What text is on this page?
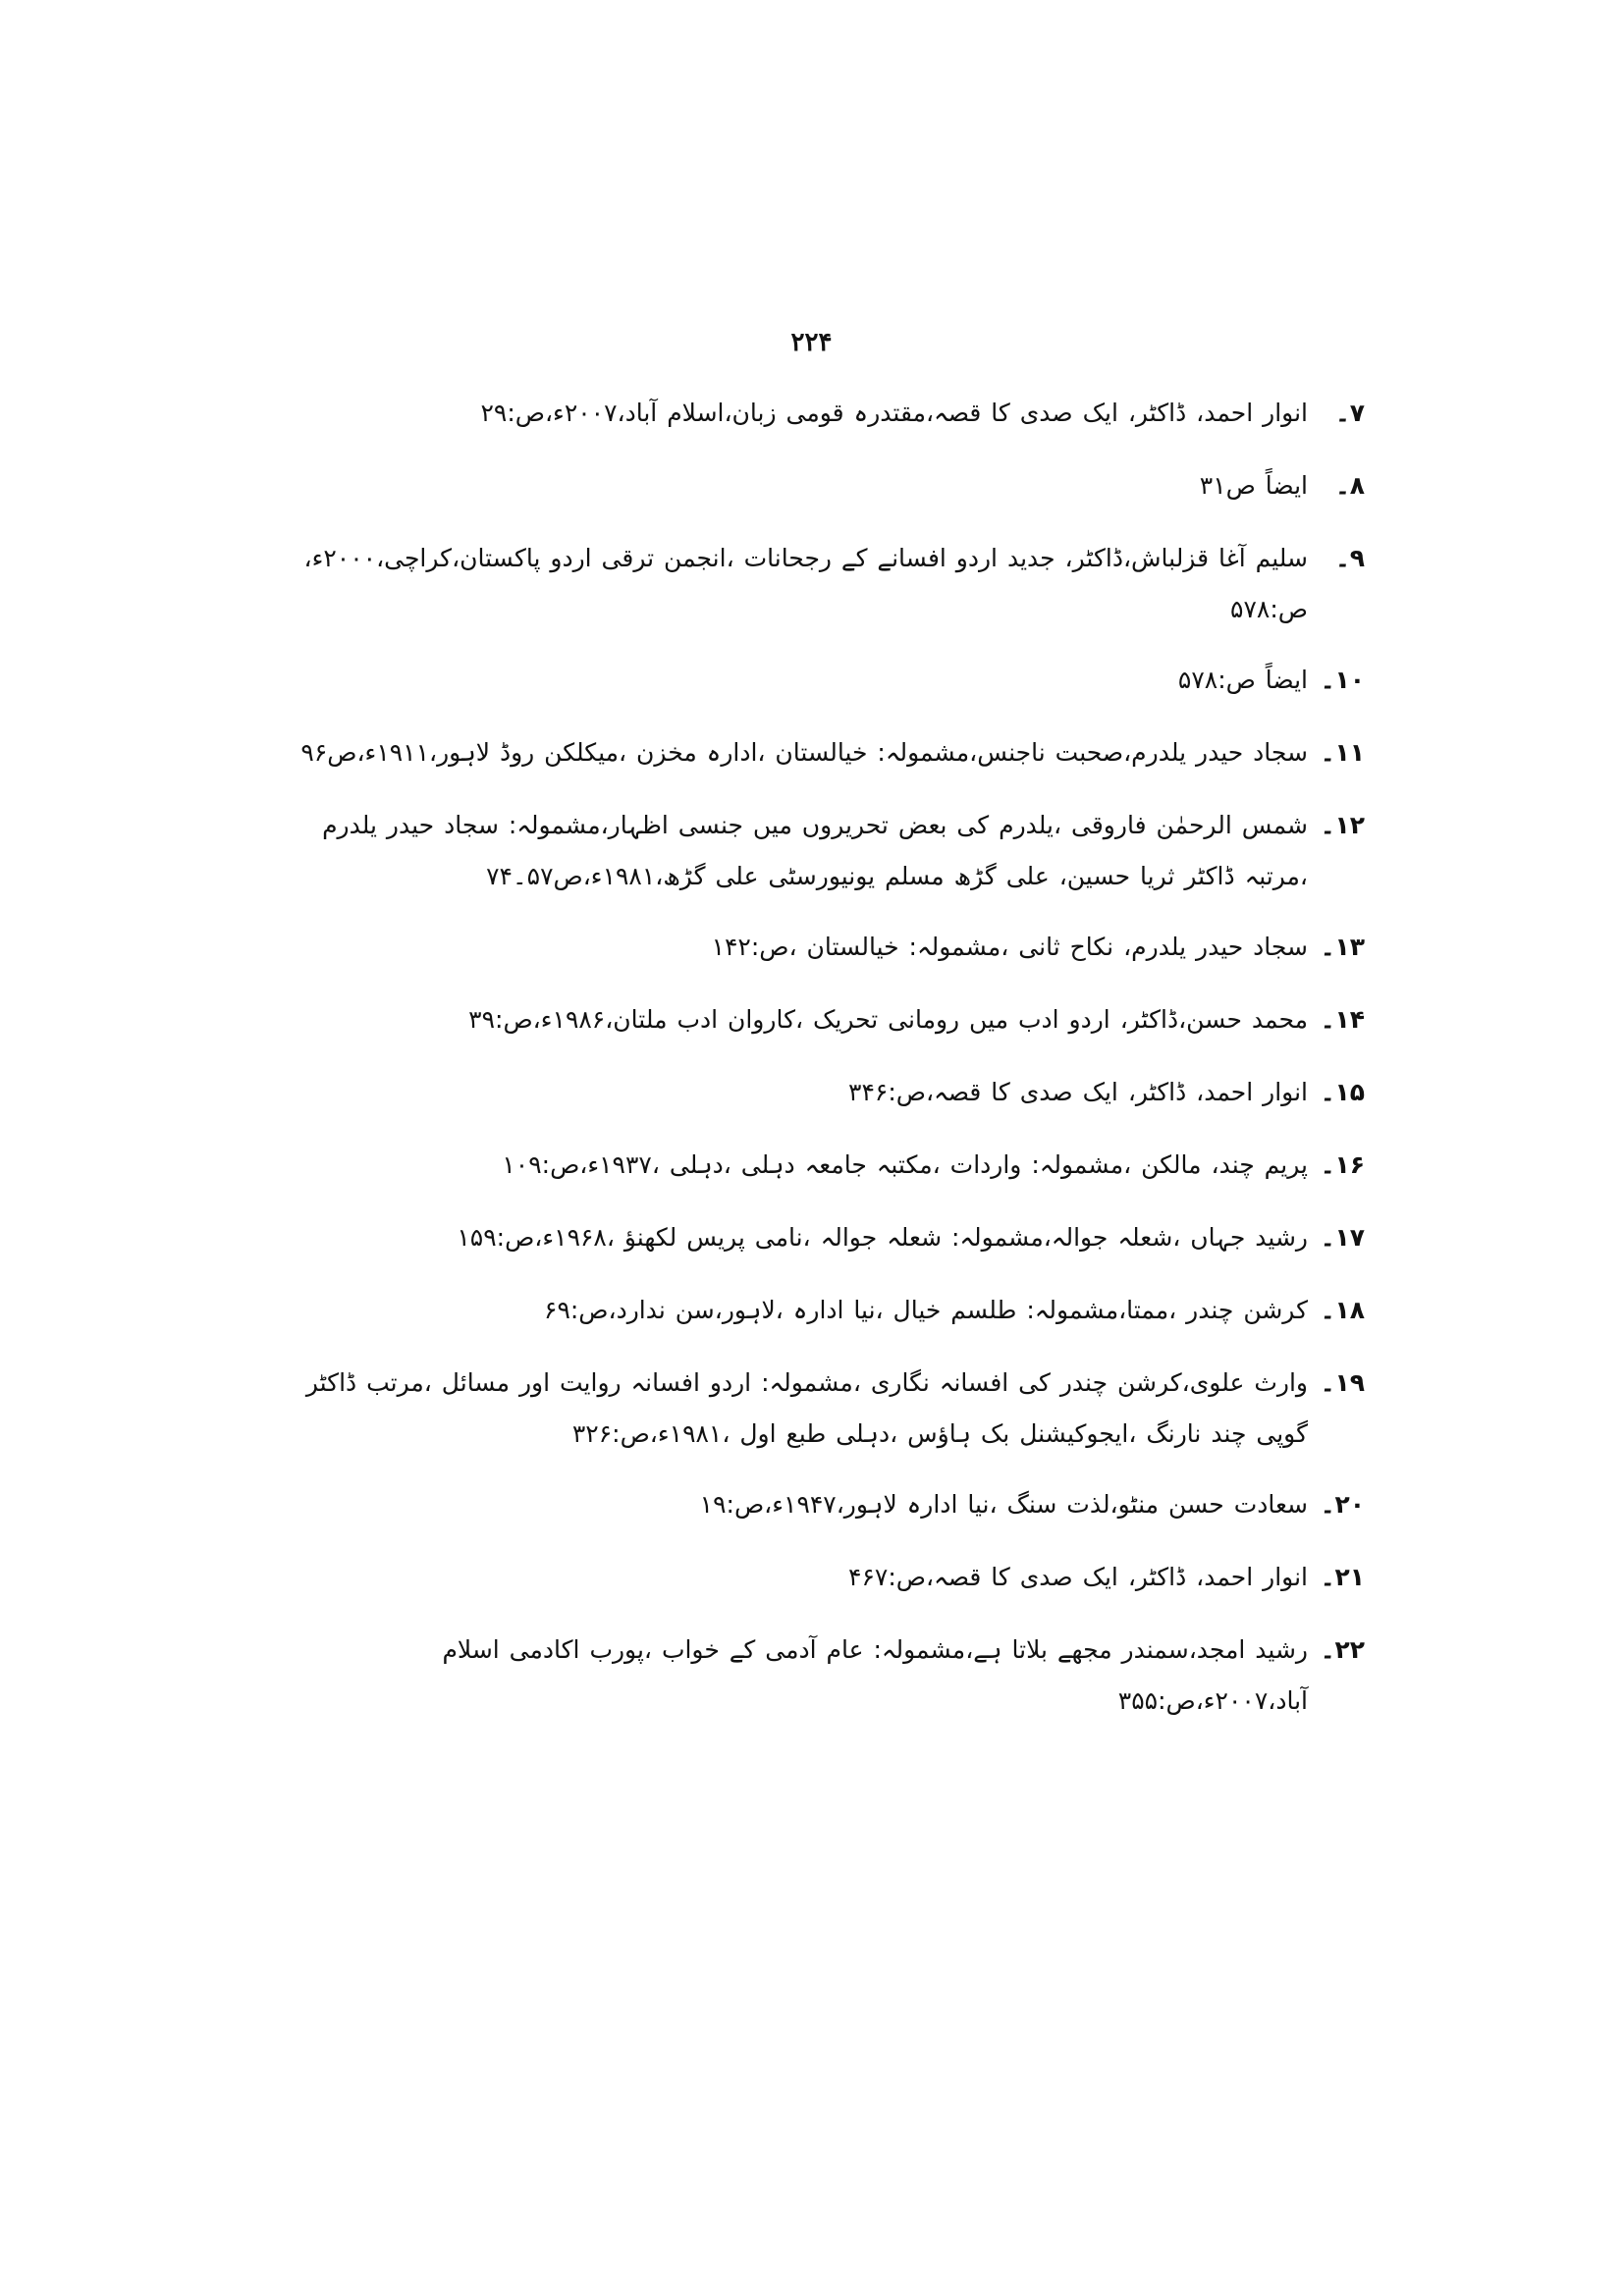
۲۲۴
۷۔
انوار احمد، ڈاکٹر، ایک صدی کا قصہ،مقتدرہ قومی زبان،اسلام آباد،۲۰۰۷ء،ص:۲۹
۸۔
ایضاً ص۳۱
۹۔
سلیم آغا قزلباش،ڈاکٹر، جدید اردو افسانے کے رجحانات ،انجمن ترقی اردو پاکستان،کراچی،۲۰۰۰ء، ص:۵۷۸
۱۰۔
ایضاً ص:۵۷۸
۱۱۔
سجاد حیدر یلدرم،صحبت ناجنس،مشمولہ: خیالستان ،ادارہ مخزن ،میکلکن روڈ لاہور،۱۹۱۱ء،ص۹۶
۱۲۔
شمس الرحمٰن فاروقی ،یلدرم کی بعض تحریروں میں جنسی اظہار،مشمولہ: سجاد حیدر یلدرم ،مرتبہ ڈاکٹر ثریا حسین، علی گڑھ مسلم یونیورسٹی علی گڑھ،۱۹۸۱ء،ص۵۷۔۷۴
۱۳۔
سجاد حیدر یلدرم، نکاح ثانی ،مشمولہ: خیالستان ،ص:۱۴۲
۱۴۔
محمد حسن،ڈاکٹر، اردو ادب میں رومانی تحریک ،کاروان ادب ملتان،۱۹۸۶ء،ص:۳۹
۱۵۔
انوار احمد، ڈاکٹر، ایک صدی کا قصہ،ص:۳۴۶
۱۶۔
پریم چند، مالکن ،مشمولہ: واردات ،مکتبہ جامعہ دہلی ،دہلی ،۱۹۳۷ء،ص:۱۰۹
۱۷۔
رشید جہاں ،شعلہ جوالہ،مشمولہ: شعلہ جوالہ ،نامی پریس لکھنؤ ،۱۹۶۸ء،ص:۱۵۹
۱۸۔
کرشن چندر ،ممتا،مشمولہ: طلسم خیال ،نیا ادارہ ،لاہور،سن ندارد،ص:۶۹
۱۹۔
وارث علوی،کرشن چندر کی افسانہ نگاری ،مشمولہ: اردو افسانہ روایت اور مسائل ،مرتب ڈاکٹر گوپی چند نارنگ ،ایجوکیشنل بک ہاؤس ،دہلی طبع اول ،۱۹۸۱ء،ص:۳۲۶
۲۰۔
سعادت حسن منٹو،لذت سنگ ،نیا ادارہ لاہور،۱۹۴۷ء،ص:۱۹
۲۱۔
انوار احمد، ڈاکٹر، ایک صدی کا قصہ،ص:۴۶۷
۲۲۔
رشید امجد،سمندر مجھے بلاتا ہے،مشمولہ: عام آدمی کے خواب ،پورب اکادمی اسلام آباد،۲۰۰۷ء،ص:۳۵۵
